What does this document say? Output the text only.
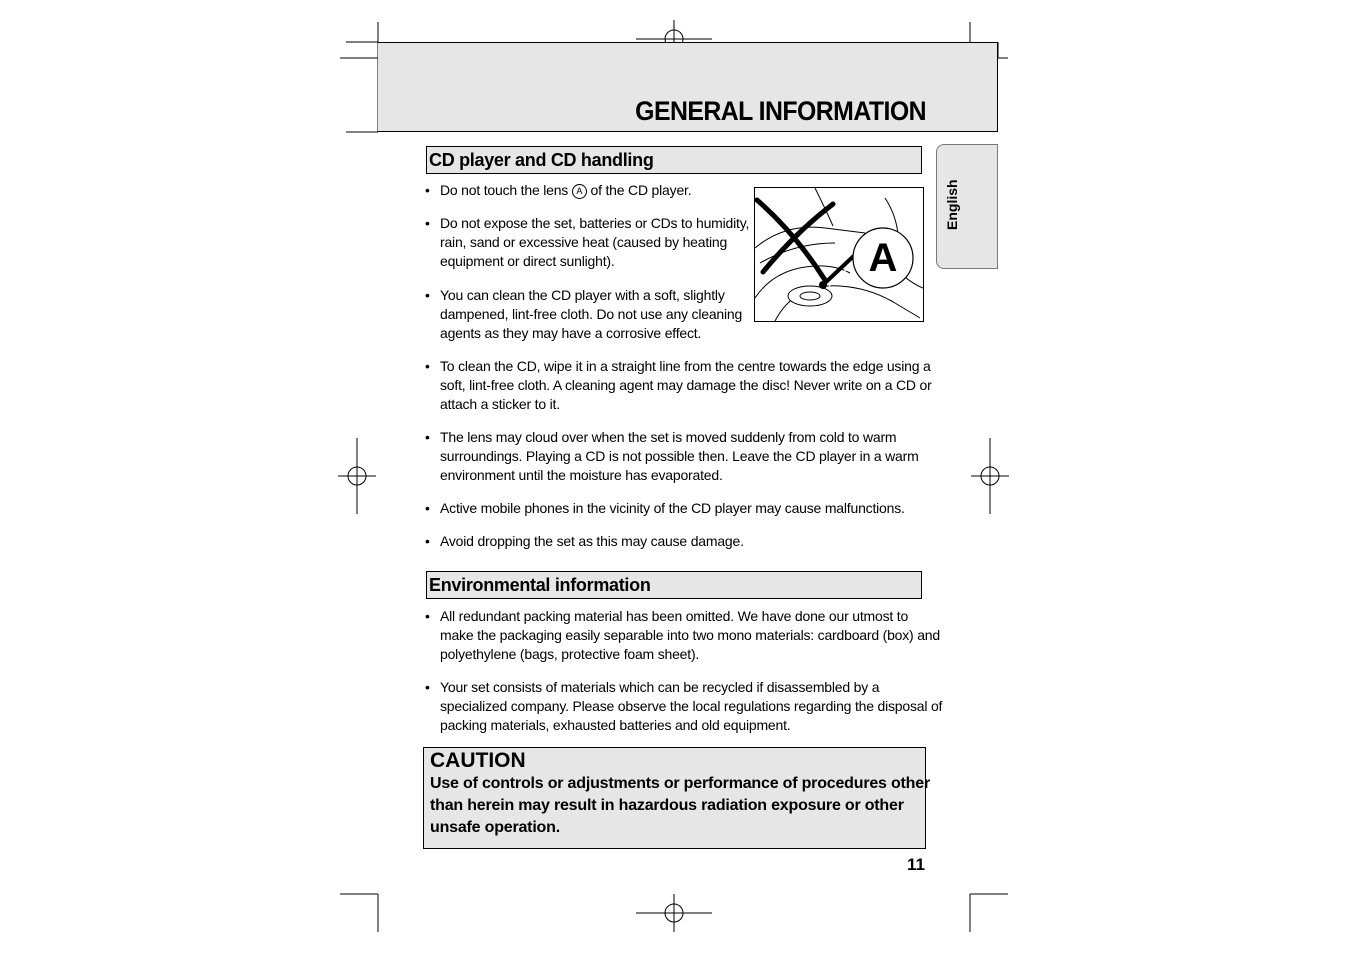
GENERAL INFORMATION
English
CD player and CD handling
• Do not touch the lens A of the CD player.
• Do not expose the set, batteries or CDs to humidity,
rain, sand or excessive heat (caused by heating
equipment or direct sunlight).
• You can clean the CD player with a soft, slightly
dampened, lint-free cloth. Do not use any cleaning
agents as they may have a corrosive effect.
• To clean the CD, wipe it in a straight line from the centre towards the edge using a
soft, lint-free cloth. A cleaning agent may damage the disc! Never write on a CD or
attach a sticker to it.
• The lens may cloud over when the set is moved suddenly from cold to warm
surroundings. Playing a CD is not possible then. Leave the CD player in a warm
environment until the moisture has evaporated.
• Active mobile phones in the vicinity of the CD player may cause malfunctions.
• Avoid dropping the set as this may cause damage.
A
Environmental information
• All redundant packing material has been omitted. We have done our utmost to
make the packaging easily separable into two mono materials: cardboard (box) and
polyethylene (bags, protective foam sheet).
• Your set consists of materials which can be recycled if disassembled by a
specialized company. Please observe the local regulations regarding the disposal of
packing materials, exhausted batteries and old equipment.
CAUTION
Use of controls or adjustments or performance of procedures other
than herein may result in hazardous radiation exposure or other
unsafe operation.
11
